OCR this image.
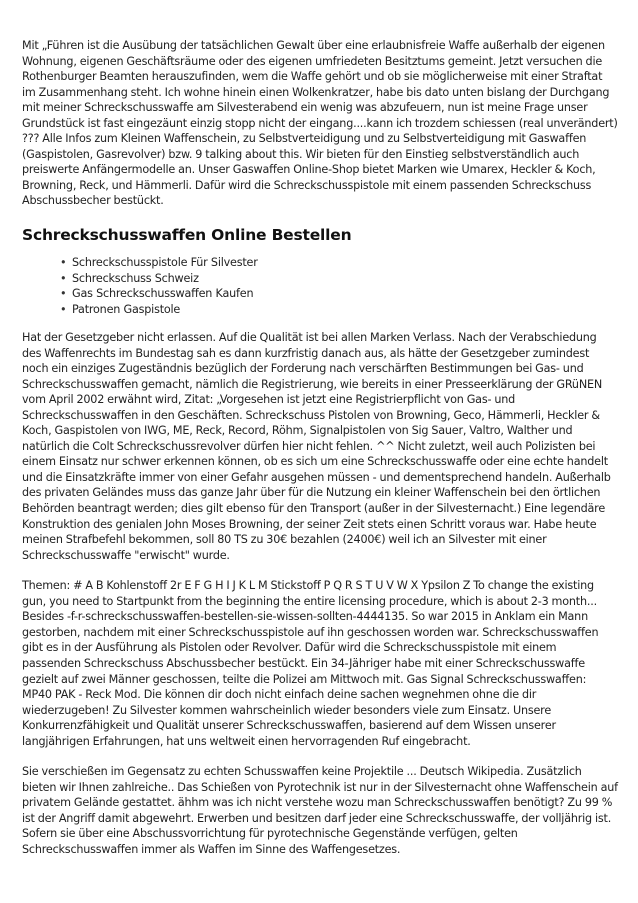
Mit „Führen ist die Ausübung der tatsächlichen Gewalt über eine erlaubnisfreie Waffe außerhalb der eigenen Wohnung, eigenen Geschäftsräume oder des eigenen umfriedeten Besitztums gemeint. Jetzt versuchen die Rothenburger Beamten herauszufinden, wem die Waffe gehört und ob sie möglicherweise mit einer Straftat im Zusammenhang steht. Ich wohne hinein einen Wolkenkratzer, habe bis dato unten bislang der Durchgang mit meiner Schreckschusswaffe am Silvesterabend ein wenig was abzufeuern, nun ist meine Frage unser Grundstück ist fast eingezäunt einzig stopp nicht der eingang....kann ich trozdem schiessen (real unverändert) ??? Alle Infos zum Kleinen Waffenschein, zu Selbstverteidigung und zu Selbstverteidigung mit Gaswaffen (Gaspistolen, Gasrevolver) bzw. 9 talking about this. Wir bieten für den Einstieg selbstverständlich auch preiswerte Anfängermodelle an. Unser Gaswaffen Online-Shop bietet Marken wie Umarex, Heckler & Koch, Browning, Reck, und Hämmerli. Dafür wird die Schreckschusspistole mit einem passenden Schreckschuss Abschussbecher bestückt.

Schreckschusswaffen Online Bestellen
• Schreckschusspistole Für Silvester
• Schreckschuss Schweiz
• Gas Schreckschusswaffen Kaufen
• Patronen Gaspistole

Hat der Gesetzgeber nicht erlassen. Auf die Qualität ist bei allen Marken Verlass. Nach der Verabschiedung des Waffenrechts im Bundestag sah es dann kurzfristig danach aus, als hätte der Gesetzgeber zumindest noch ein einziges Zugeständnis bezüglich der Forderung nach verschärften Bestimmungen bei Gas- und Schreckschusswaffen gemacht, nämlich die Registrierung, wie bereits in einer Presseerklärung der GRüNEN vom April 2002 erwähnt wird, Zitat: „Vorgesehen ist jetzt eine Registrierpflicht von Gas- und Schreckschusswaffen in den Geschäften. Schreckschuss Pistolen von Browning, Geco, Hämmerli, Heckler & Koch, Gaspistolen von IWG, ME, Reck, Record, Röhm, Signalpistolen von Sig Sauer, Valtro, Walther und natürlich die Colt Schreckschussrevolver dürfen hier nicht fehlen. ^^ Nicht zuletzt, weil auch Polizisten bei einem Einsatz nur schwer erkennen können, ob es sich um eine Schreckschusswaffe oder eine echte handelt und die Einsatzkräfte immer von einer Gefahr ausgehen müssen - und dementsprechend handeln. Außerhalb des privaten Geländes muss das ganze Jahr über für die Nutzung ein kleiner Waffenschein bei den örtlichen Behörden beantragt werden; dies gilt ebenso für den Transport (außer in der Silvesternacht.) Eine legendäre Konstruktion des genialen John Moses Browning, der seiner Zeit stets einen Schritt voraus war. Habe heute meinen Strafbefehl bekommen, soll 80 TS zu 30€ bezahlen (2400€) weil ich an Silvester mit einer Schreckschusswaffe "erwischt" wurde.

Themen: # A B Kohlenstoff 2r E F G H I J K L M Stickstoff P Q R S T U V W X Ypsilon Z To change the existing gun, you need to Startpunkt from the beginning the entire licensing procedure, which is about 2-3 month... Besides -f-r-schreckschusswaffen-bestellen-sie-wissen-sollten-4444135. So war 2015 in Anklam ein Mann gestorben, nachdem mit einer Schreckschusspistole auf ihn geschossen worden war. Schreckschusswaffen gibt es in der Ausführung als Pistolen oder Revolver. Dafür wird die Schreckschusspistole mit einem passenden Schreckschuss Abschussbecher bestückt. Ein 34-Jähriger habe mit einer Schreckschusswaffe gezielt auf zwei Männer geschossen, teilte die Polizei am Mittwoch mit. Gas Signal Schreckschusswaffen: MP40 PAK - Reck Mod. Die können dir doch nicht einfach deine sachen wegnehmen ohne die dir wiederzugeben! Zu Silvester kommen wahrscheinlich wieder besonders viele zum Einsatz. Unsere Konkurrenzfähigkeit und Qualität unserer Schreckschusswaffen, basierend auf dem Wissen unserer langjährigen Erfahrungen, hat uns weltweit einen hervorragenden Ruf eingebracht.

Sie verschießen im Gegensatz zu echten Schusswaffen keine Projektile ... Deutsch Wikipedia. Zusätzlich bieten wir Ihnen zahlreiche.. Das Schießen von Pyrotechnik ist nur in der Silvesternacht ohne Waffenschein auf privatem Gelände gestattet. ähhm was ich nicht verstehe wozu man Schreckschusswaffen benötigt? Zu 99 % ist der Angriff damit abgewehrt. Erwerben und besitzen darf jeder eine Schreckschusswaffe, der volljährig ist. Sofern sie über eine Abschussvorrichtung für pyrotechnische Gegenstände verfügen, gelten Schreckschusswaffen immer als Waffen im Sinne des Waffengesetzes.
